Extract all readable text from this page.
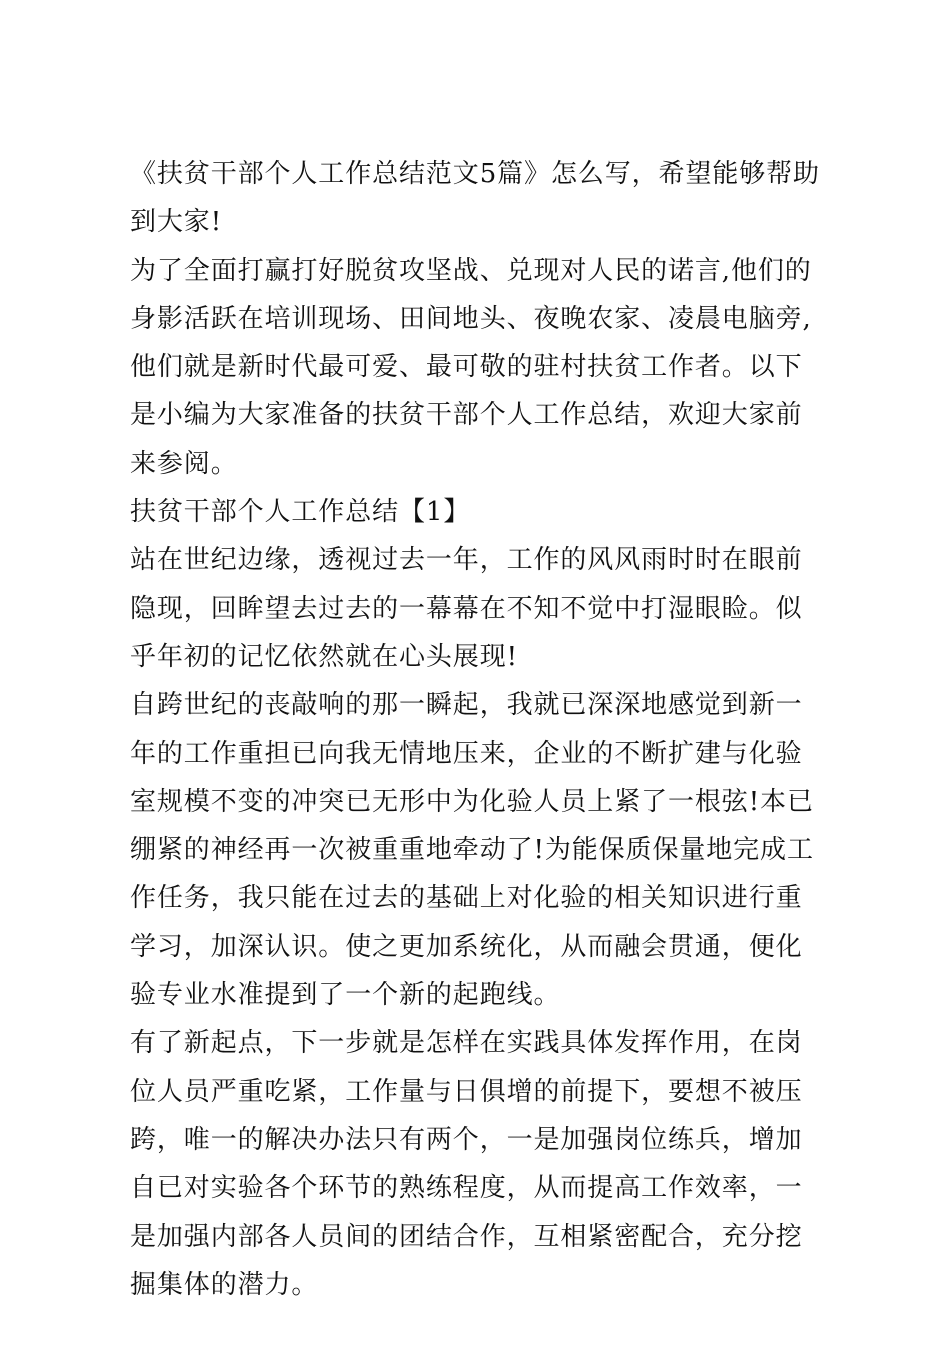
《扶贫干部个人工作总结范文5篇》怎么写，希望能够帮助到大家!

为了全面打赢打好脱贫攻坚战、兑现对人民的诺言,他们的身影活跃在培训现场、田间地头、夜晚农家、凌晨电脑旁,他们就是新时代最可爱、最可敬的驻村扶贫工作者。以下是小编为大家准备的扶贫干部个人工作总结，欢迎大家前来参阅。

扶贫干部个人工作总结【1】

站在世纪边缘，透视过去一年，工作的风风雨时时在眼前隐现，回眸望去过去的一幕幕在不知不觉中打湿眼睑。似乎年初的记忆依然就在心头展现!

自跨世纪的丧敲响的那一瞬起，我就已深深地感觉到新一年的工作重担已向我无情地压来，企业的不断扩建与化验室规模不变的冲突已无形中为化验人员上紧了一根弦!本已绷紧的神经再一次被重重地牵动了!为能保质保量地完成工作任务，我只能在过去的基础上对化验的相关知识进行重学习，加深认识。使之更加系统化，从而融会贯通，便化验专业水准提到了一个新的起跑线。

有了新起点，下一步就是怎样在实践具体发挥作用，在岗位人员严重吃紧，工作量与日俱增的前提下，要想不被压跨，唯一的解决办法只有两个，一是加强岗位练兵，增加自已对实验各个环节的熟练程度，从而提高工作效率，一是加强内部各人员间的团结合作，互相紧密配合，充分挖掘集体的潜力。
